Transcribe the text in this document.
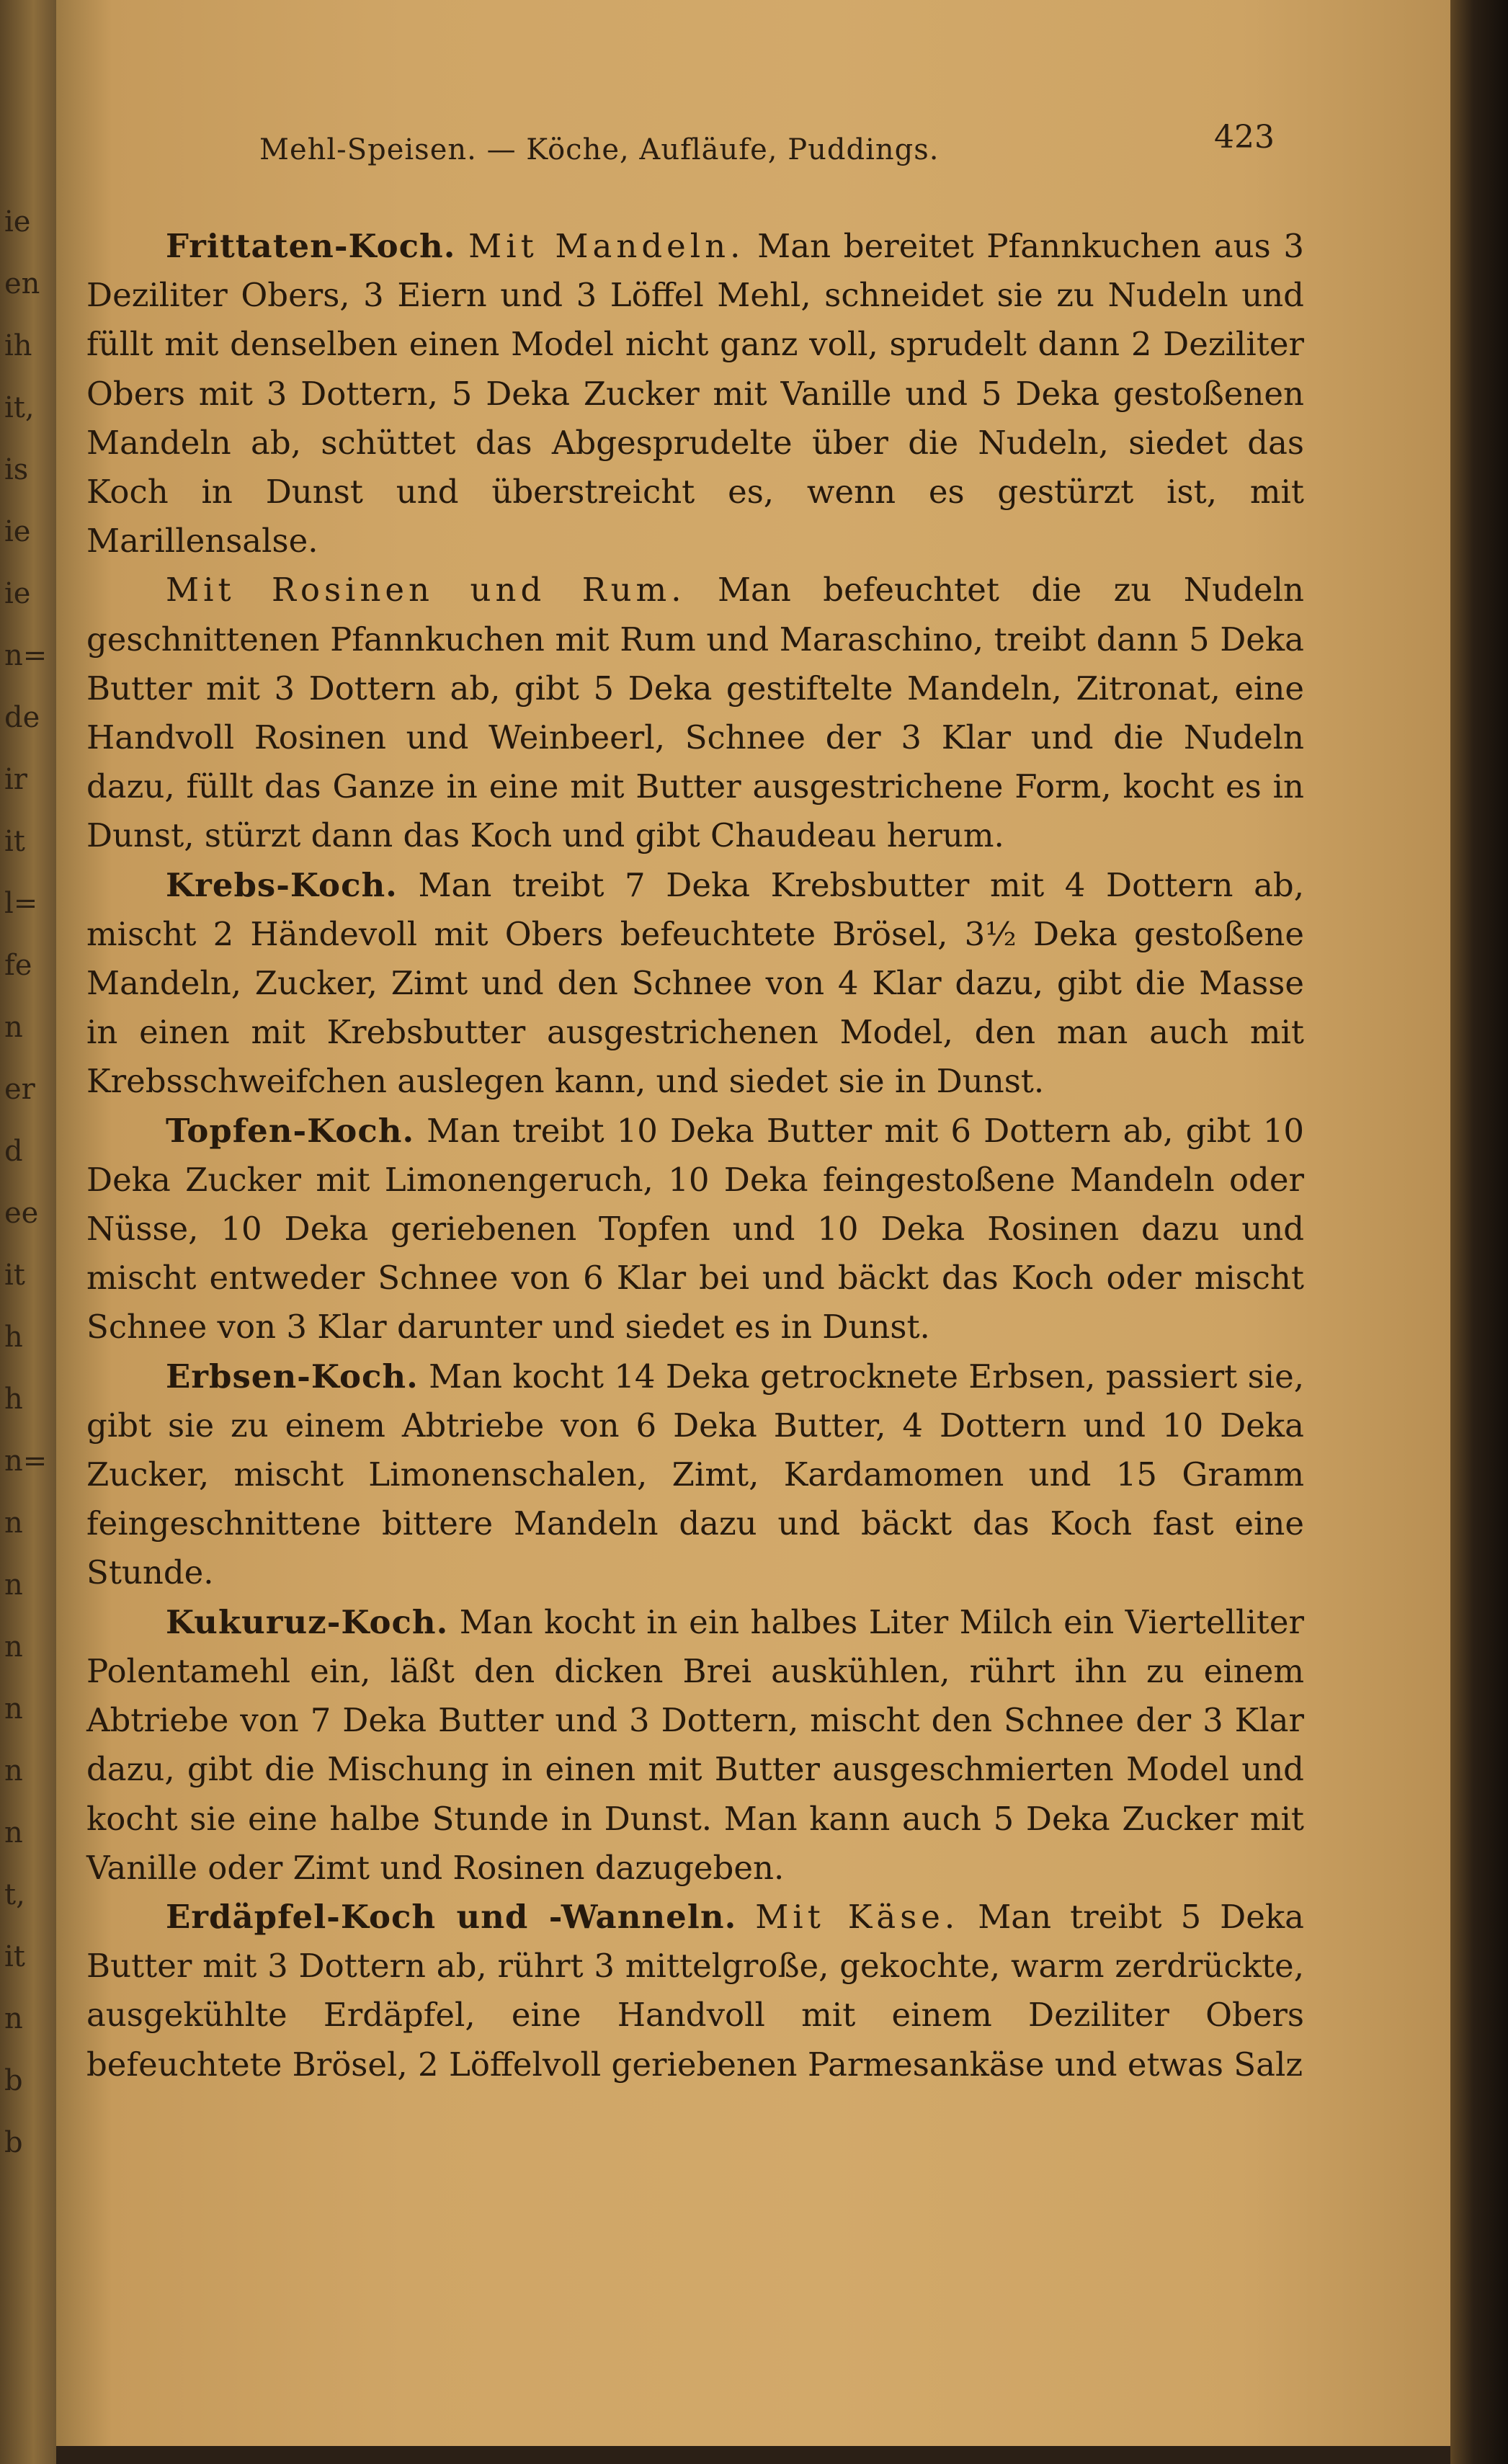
ie
en
ih
it,
is
ie
ie
n=
de
ir
it
l=
fe
n
er
d
ee
it
h
h
n=
n
n
n
n
n
n
t,
it
n
b
b
Mehl-Speisen. — Köche, Aufläufe, Puddings.	423

Frittaten-Koch. Mit Mandeln. Man bereitet Pfannkuchen aus 3 Deziliter Obers, 3 Eiern und 3 Löffel Mehl, schneidet sie zu Nudeln und füllt mit denselben einen Model nicht ganz voll, sprudelt dann 2 Deziliter Obers mit 3 Dottern, 5 Deka Zucker mit Vanille und 5 Deka gestoßenen Mandeln ab, schüttet das Abgesprudelte über die Nudeln, siedet das Koch in Dunst und überstreicht es, wenn es gestürzt ist, mit Marillensalse.

Mit Rosinen und Rum. Man befeuchtet die zu Nudeln geschnittenen Pfannkuchen mit Rum und Maraschino, treibt dann 5 Deka Butter mit 3 Dottern ab, gibt 5 Deka gestiftelte Mandeln, Zitronat, eine Handvoll Rosinen und Weinbeerl, Schnee der 3 Klar und die Nudeln dazu, füllt das Ganze in eine mit Butter ausgestrichene Form, kocht es in Dunst, stürzt dann das Koch und gibt Chaudeau herum.

Krebs-Koch. Man treibt 7 Deka Krebsbutter mit 4 Dottern ab, mischt 2 Händevoll mit Obers befeuchtete Brösel, 3½ Deka gestoßene Mandeln, Zucker, Zimt und den Schnee von 4 Klar dazu, gibt die Masse in einen mit Krebsbutter ausgestrichenen Model, den man auch mit Krebsschweifchen auslegen kann, und siedet sie in Dunst.

Topfen-Koch. Man treibt 10 Deka Butter mit 6 Dottern ab, gibt 10 Deka Zucker mit Limonengeruch, 10 Deka feingestoßene Mandeln oder Nüsse, 10 Deka geriebenen Topfen und 10 Deka Rosinen dazu und mischt entweder Schnee von 6 Klar bei und bäckt das Koch oder mischt Schnee von 3 Klar darunter und siedet es in Dunst.

Erbsen-Koch. Man kocht 14 Deka getrocknete Erbsen, passiert sie, gibt sie zu einem Abtriebe von 6 Deka Butter, 4 Dottern und 10 Deka Zucker, mischt Limonenschalen, Zimt, Kardamomen und 15 Gramm feingeschnittene bittere Mandeln dazu und bäckt das Koch fast eine Stunde.

Kukuruz-Koch. Man kocht in ein halbes Liter Milch ein Viertelliter Polentamehl ein, läßt den dicken Brei auskühlen, rührt ihn zu einem Abtriebe von 7 Deka Butter und 3 Dottern, mischt den Schnee der 3 Klar dazu, gibt die Mischung in einen mit Butter ausgeschmierten Model und kocht sie eine halbe Stunde in Dunst. Man kann auch 5 Deka Zucker mit Vanille oder Zimt und Rosinen dazugeben.

Erdäpfel-Koch und -Wanneln. Mit Käse. Man treibt 5 Deka Butter mit 3 Dottern ab, rührt 3 mittelgroße, gekochte, warm zerdrückte, ausgekühlte Erdäpfel, eine Handvoll mit einem Deziliter Obers befeuchtete Brösel, 2 Löffelvoll geriebenen Parmesankäse und etwas Salz
